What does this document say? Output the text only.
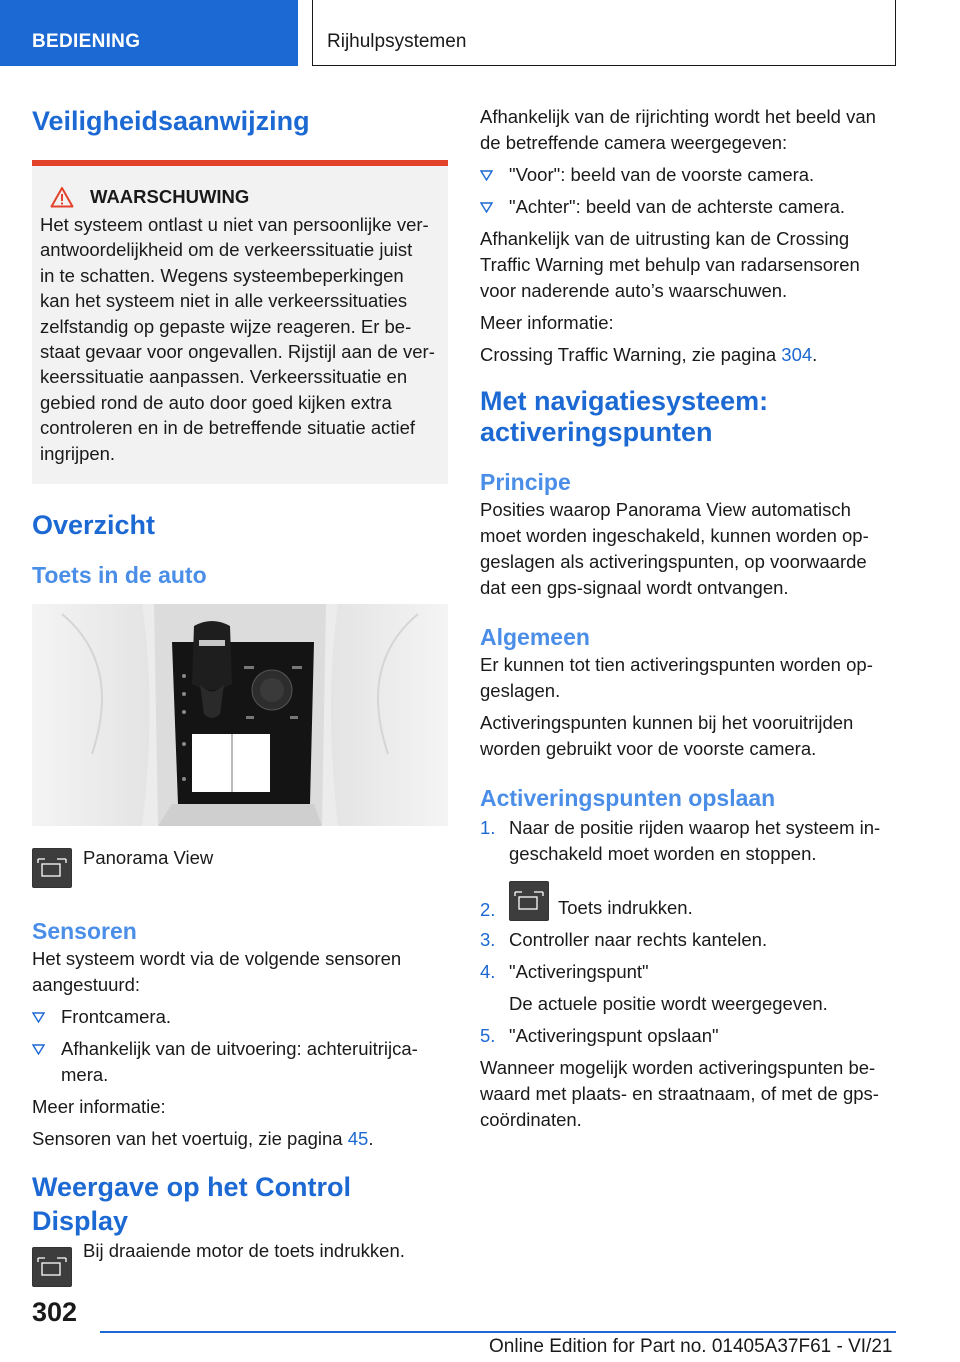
BEDIENING	Rijhulpsystemen
Veiligheidsaanwijzing
WAARSCHUWING

Het systeem ontlast u niet van persoonlijke ver-
antwoordelijkheid om de verkeerssituatie juist
in te schatten. Wegens systeembeperkingen
kan het systeem niet in alle verkeerssituaties
zelfstandig op gepaste wijze reageren. Er be-
staat gevaar voor ongevallen. Rijstijl aan de ver-
keerssituatie aanpassen. Verkeerssituatie en
gebied rond de auto door goed kijken extra
controleren en in de betreffende situatie actief
ingrijpen.

Overzicht
Toets in de auto

Panorama View

Sensoren

Het systeem wordt via de volgende sensoren
aangestuurd:

Frontcamera.
Afhankelijk van de uitvoering: achteruitrijca-
mera.

Meer informatie:

Sensoren van het voertuig, zie pagina 45.

Weergave op het Control Display

Bij draaiende motor de toets indrukken.

Afhankelijk van de rijrichting wordt het beeld van
de betreffende camera weergegeven:

"Voor": beeld van de voorste camera.
"Achter": beeld van de achterste camera.

Afhankelijk van de uitrusting kan de Crossing
Traffic Warning met behulp van radarsensoren
voor naderende auto’s waarschuwen.

Meer informatie:

Crossing Traffic Warning, zie pagina 304.

Met navigatiesysteem:
activeringspunten
Principe

Posities waarop Panorama View automatisch
moet worden ingeschakeld, kunnen worden op-
geslagen als activeringspunten, op voorwaarde
dat een gps-signaal wordt ontvangen.

Algemeen

Er kunnen tot tien activeringspunten worden op-
geslagen.

Activeringspunten kunnen bij het vooruitrijden
worden gebruikt voor de voorste camera.

Activeringspunten opslaan
1. Naar de positie rijden waarop het systeem in-
geschakeld moet worden en stoppen.
2.	Toets indrukken.
3. Controller naar rechts kantelen.
4. "Activeringspunt"
De actuele positie wordt weergegeven.
5. "Activeringspunt opslaan"

Wanneer mogelijk worden activeringspunten be-
waard met plaats- en straatnaam, of met de gps-
coördinaten.

302
Online Edition for Part no. 01405A37F61 - VI/21
